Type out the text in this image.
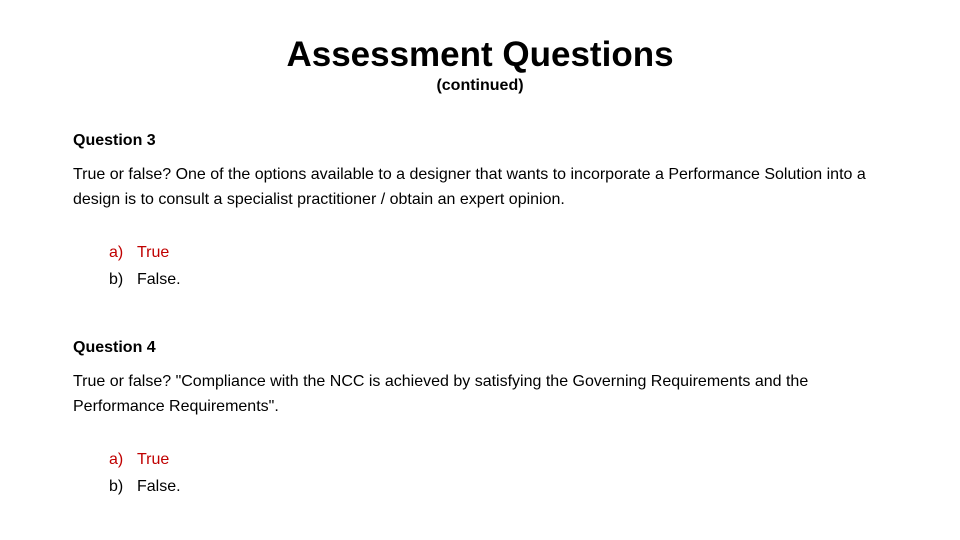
Assessment Questions
(continued)

Question 3

True or false? One of the options available to a designer that wants to incorporate a Performance Solution into a design is to consult a specialist practitioner / obtain an expert opinion.

a) True
b) False.

Question 4

True or false? "Compliance with the NCC is achieved by satisfying the Governing Requirements and the Performance Requirements".

a) True
b) False.
